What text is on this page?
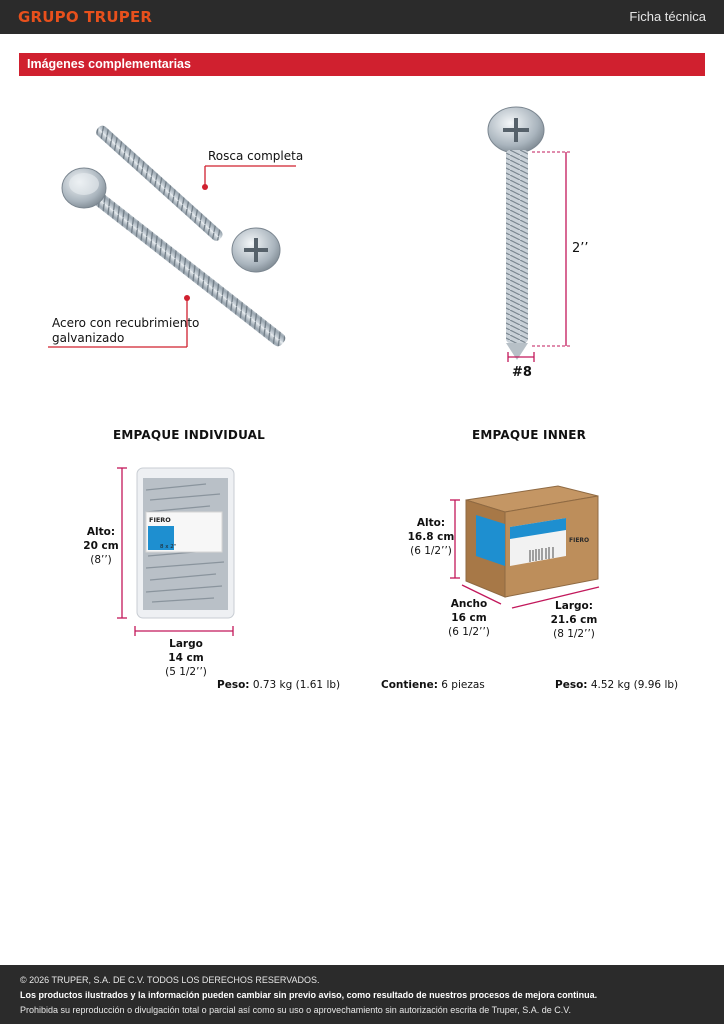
GRUPO TRUPER	Ficha técnica
Imágenes complementarias
Rosca completa
Acero con recubrimiento
galvanizado
2’’
#8
EMPAQUE INDIVIDUAL
FIERO
8 x 2"
FIERO
Alto:
20 cm
(8’’)
Largo
14 cm
(5 1/2’’)
Peso: 0.73 kg (1.61 lb)
EMPAQUE INNER
Alto:
16.8 cm
(6 1/2’’)
Ancho
16 cm
(6 1/2’’)
Largo:
21.6 cm
(8 1/2’’)
Contiene: 6 piezas	Peso: 4.52 kg (9.96 lb)
© 2026 TRUPER, S.A. DE C.V. TODOS LOS DERECHOS RESERVADOS.
Los productos ilustrados y la información pueden cambiar sin previo aviso, como resultado de nuestros procesos de mejora continua.
Prohibida su reproducción o divulgación total o parcial así como su uso o aprovechamiento sin autorización escrita de Truper, S.A. de C.V.
